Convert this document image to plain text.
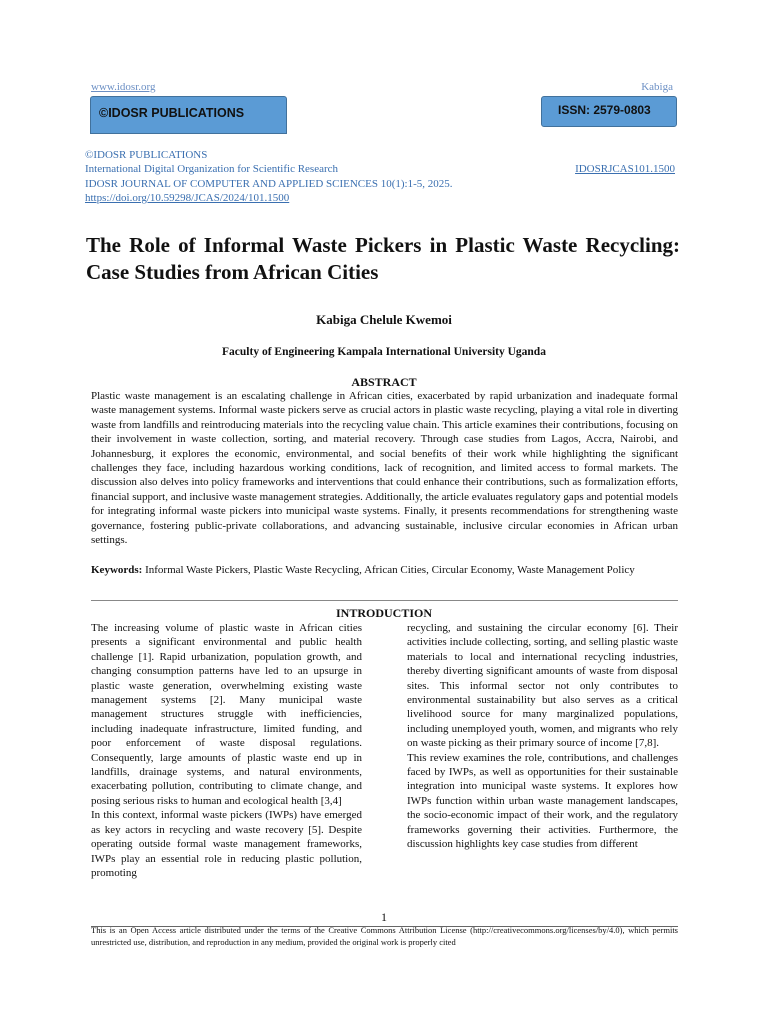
www.idosr.org	Kabiga
©IDOSR PUBLICATIONS	ISSN: 2579-0803
©IDOSR PUBLICATIONS
International Digital Organization for Scientific Research
IDOSR JOURNAL OF COMPUTER AND APPLIED SCIENCES 10(1):1-5, 2025.
https://doi.org/10.59298/JCAS/2024/101.1500
IDOSRJCAS101.1500
The Role of Informal Waste Pickers in Plastic Waste Recycling: Case Studies from African Cities
Kabiga Chelule Kwemoi
Faculty of Engineering Kampala International University Uganda
ABSTRACT
Plastic waste management is an escalating challenge in African cities, exacerbated by rapid urbanization and inadequate formal waste management systems. Informal waste pickers serve as crucial actors in plastic waste recycling, playing a vital role in diverting waste from landfills and reintroducing materials into the recycling value chain. This article examines their contributions, focusing on their involvement in waste collection, sorting, and material recovery. Through case studies from Lagos, Accra, Nairobi, and Johannesburg, it explores the economic, environmental, and social benefits of their work while highlighting the significant challenges they face, including hazardous working conditions, lack of recognition, and limited access to formal markets. The discussion also delves into policy frameworks and interventions that could enhance their contributions, such as formalization efforts, financial support, and inclusive waste management strategies. Additionally, the article evaluates regulatory gaps and potential models for integrating informal waste pickers into municipal waste systems. Finally, it presents recommendations for strengthening waste governance, fostering public-private collaborations, and advancing sustainable, inclusive circular economies in African urban settings.
Keywords: Informal Waste Pickers, Plastic Waste Recycling, African Cities, Circular Economy, Waste Management Policy
INTRODUCTION

The increasing volume of plastic waste in African cities presents a significant environmental and public health challenge [1]. Rapid urbanization, population growth, and changing consumption patterns have led to an upsurge in plastic waste generation, overwhelming existing waste management systems [2]. Many municipal waste management structures struggle with inefficiencies, including inadequate infrastructure, limited funding, and poor enforcement of waste disposal regulations. Consequently, large amounts of plastic waste end up in landfills, drainage systems, and natural environments, exacerbating pollution, contributing to climate change, and posing serious risks to human and ecological health [3,4]

In this context, informal waste pickers (IWPs) have emerged as key actors in recycling and waste recovery [5]. Despite operating outside formal waste management frameworks, IWPs play an essential role in reducing plastic pollution, promoting

recycling, and sustaining the circular economy [6]. Their activities include collecting, sorting, and selling plastic waste materials to local and international recycling industries, thereby diverting significant amounts of waste from disposal sites. This informal sector not only contributes to environmental sustainability but also serves as a critical livelihood source for many marginalized populations, including unemployed youth, women, and migrants who rely on waste picking as their primary source of income [7,8].

This review examines the role, contributions, and challenges faced by IWPs, as well as opportunities for their sustainable integration into municipal waste systems. It explores how IWPs function within urban waste management landscapes, the socio-economic impact of their work, and the regulatory frameworks governing their activities. Furthermore, the discussion highlights key case studies from different

1
This is an Open Access article distributed under the terms of the Creative Commons Attribution License (http://creativecommons.org/licenses/by/4.0), which permits unrestricted use, distribution, and reproduction in any medium, provided the original work is properly cited
